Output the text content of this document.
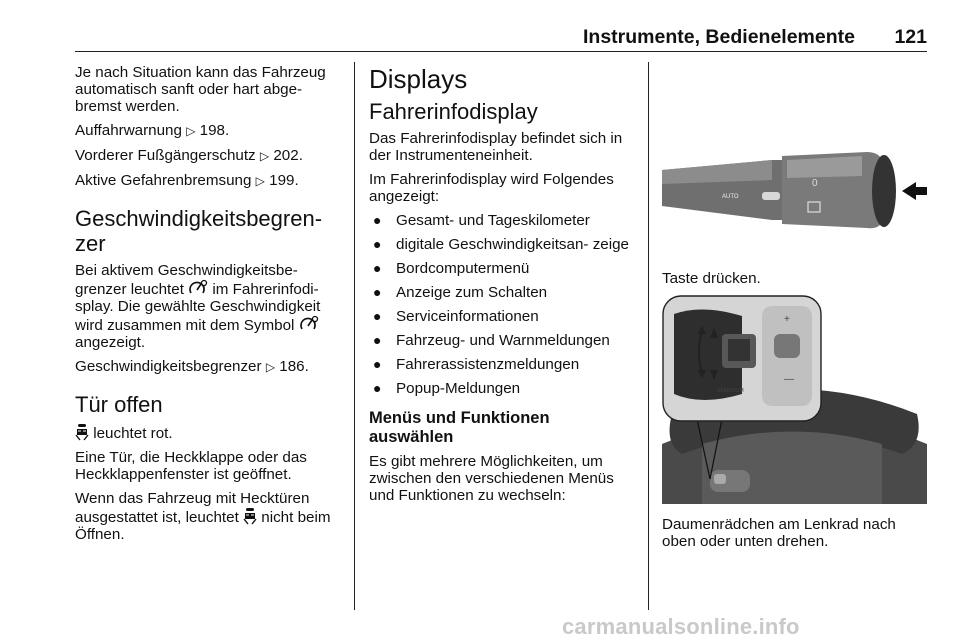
Instrumente, Bedienelemente 121

Je nach Situation kann das Fahrzeug automatisch sanft oder hart abge- bremst werden.

Auffahrwarnung ▷ 198.

Vorderer Fußgängerschutz ▷ 202.

Aktive Gefahrenbremsung ▷ 199.

Geschwindigkeitsbegren- zer

Bei aktivem Geschwindigkeitsbe- grenzer leuchtet im Fahrerinfodi- splay. Die gewählte Geschwindigkeit wird zusammen mit dem Symbol  angezeigt.

Geschwindigkeitsbegrenzer ▷ 186.

Tür offen

leuchtet rot.

Eine Tür, die Heckklappe oder das Heckklappenfenster ist geöffnet.

Wenn das Fahrzeug mit Hecktüren ausgestattet ist, leuchtet nicht beim Öffnen.

Displays
Fahrerinfodisplay

Das Fahrerinfodisplay befindet sich in der Instrumenteneinheit.

Im Fahrerinfodisplay wird Folgendes angezeigt:

● Gesamt- und Tageskilometer
● digitale Geschwindigkeitsan- zeige
● Bordcomputermenü
● Anzeige zum Schalten
● Serviceinformationen
● Fahrzeug- und Warnmeldungen
● Fahrerassistenzmeldungen
● Popup-Meldungen
Menüs und Funktionen auswählen

Es gibt mehrere Möglichkeiten, um zwischen den verschiedenen Menüs und Funktionen zu wechseln:

AUTO
0

Taste drücken.

+
—
SPEED/LIM

Daumenrädchen am Lenkrad nach oben oder unten drehen.

carmanualsonline.info
